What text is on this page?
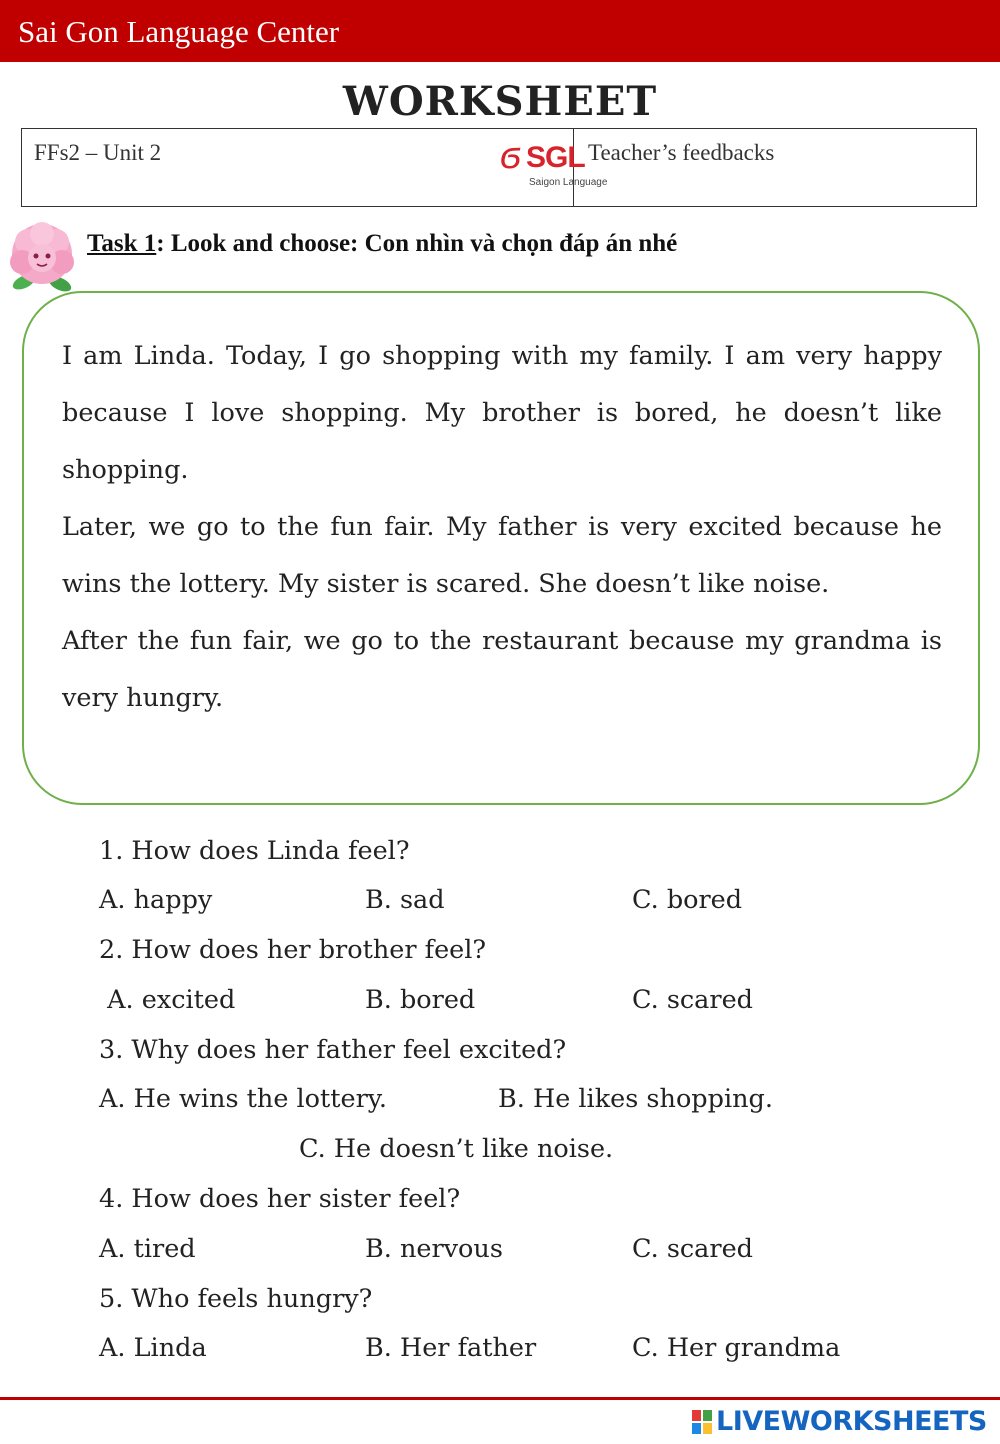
Sai Gon Language Center
WORKSHEET
FFs2 – Unit 2	ϭ SGL
Saigon Language
Teacher’s feedbacks
Task 1: Look and choose: Con nhìn và chọn đáp án nhé

I am Linda. Today, I go shopping with my family. I am very happy because I love shopping. My brother is bored, he doesn’t like shopping.

Later, we go to the fun fair. My father is very excited because he wins the lottery. My sister is scared. She doesn’t like noise.

After the fun fair, we go to the restaurant because my grandma is very hungry.

1. How does Linda feel?
A. happy	B. sad	C. bored
2. How does her brother feel?
A. excited	B. bored	C. scared
3. Why does her father feel excited?
A. He wins the lottery.	B. He likes shopping.
C. He doesn’t like noise.
4. How does her sister feel?
A. tired	B. nervous	C. scared
5. Who feels hungry?
A. Linda	B. Her father	C. Her grandma
LIVEWORKSHEETS
